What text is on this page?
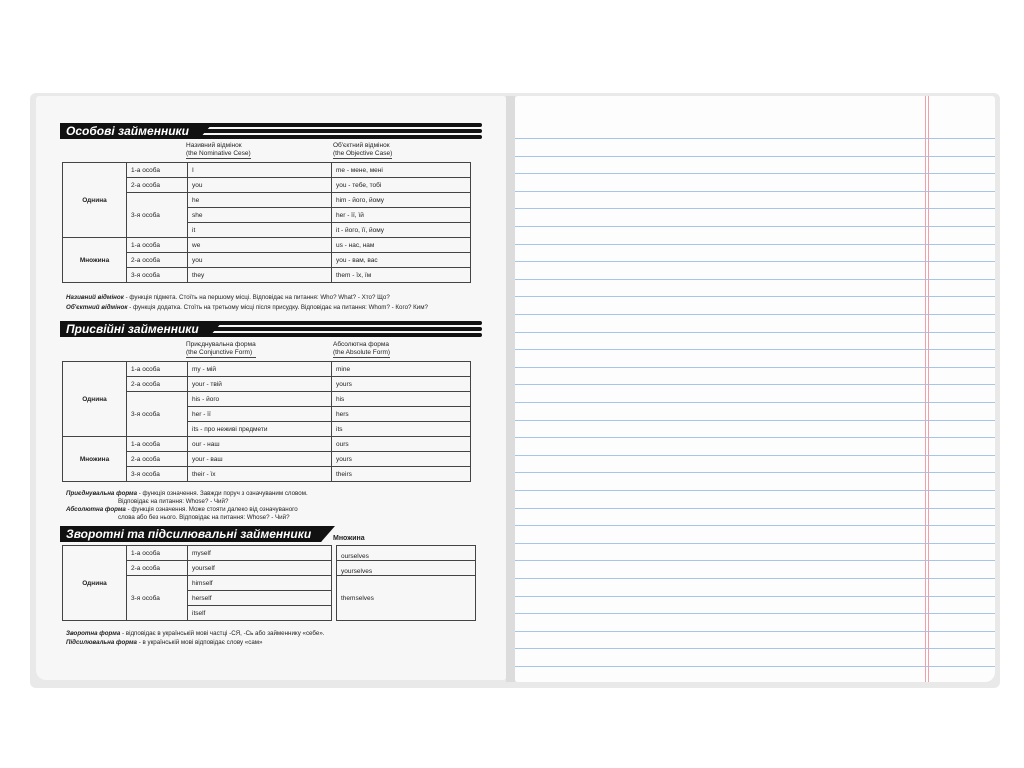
Особові займенники
Називний відмінок
(the Nominative Cese)
Об'єктний відмінок
(the Objective Case)
Однина	1-а особа	I	me - мене, мені
	2-а особа	you	you - тебе, тобі
	3-я особа	he	him - його, йому
		she	her - її, їй
		it	it - його, її, йому
Множина	1-а особа	we	us - нас, нам
	2-а особа	you	you - вам, вас
	3-я особа	they	them - їх, їм
Називний відмінок - функція підмета. Стоїть на першому місці. Відповідає на питання: Who? What? - Хто? Що?
Об'єктний відмінок - функція додатка. Стоїть на третьому місці після присудку. Відповідає на питання: Whom? - Кого? Ким?
Присвійні займенники
Приєднувальна форма
(the Conjunctive Form)
Абсолютна форма
(the Absolute Form)
Однина	1-а особа	my - мій	mine
	2-а особа	your - твій	yours
	3-я особа	his - його	his
		her - її	hers
		its - про неживі предмети	its
Множина	1-а особа	our - наш	ours
	2-а особа	your - ваш	yours
	3-я особа	their - їх	theirs
Приєднувальна форма - функція означення. Завжди поруч з означуваним словом.
Відповідає на питання: Whose? - Чий?
Абсолютна форма - функція означення. Може стояти далеко від означуваного
слова або без нього. Відповідає на питання: Whose? - Чий?
Зворотні та підсилювальні займенники
Однина	1-а особа	myself		ourselves
	2-а особа	yourself		yourselves
	3-я особа	himself		themselves
		herself		
		itself		
Множина
Зворотна форма - відповідає в українській мові частці -СЯ, -Сь або займеннику «себе».
Підсилювальна форма - в українській мові відповідає слову «сам»
